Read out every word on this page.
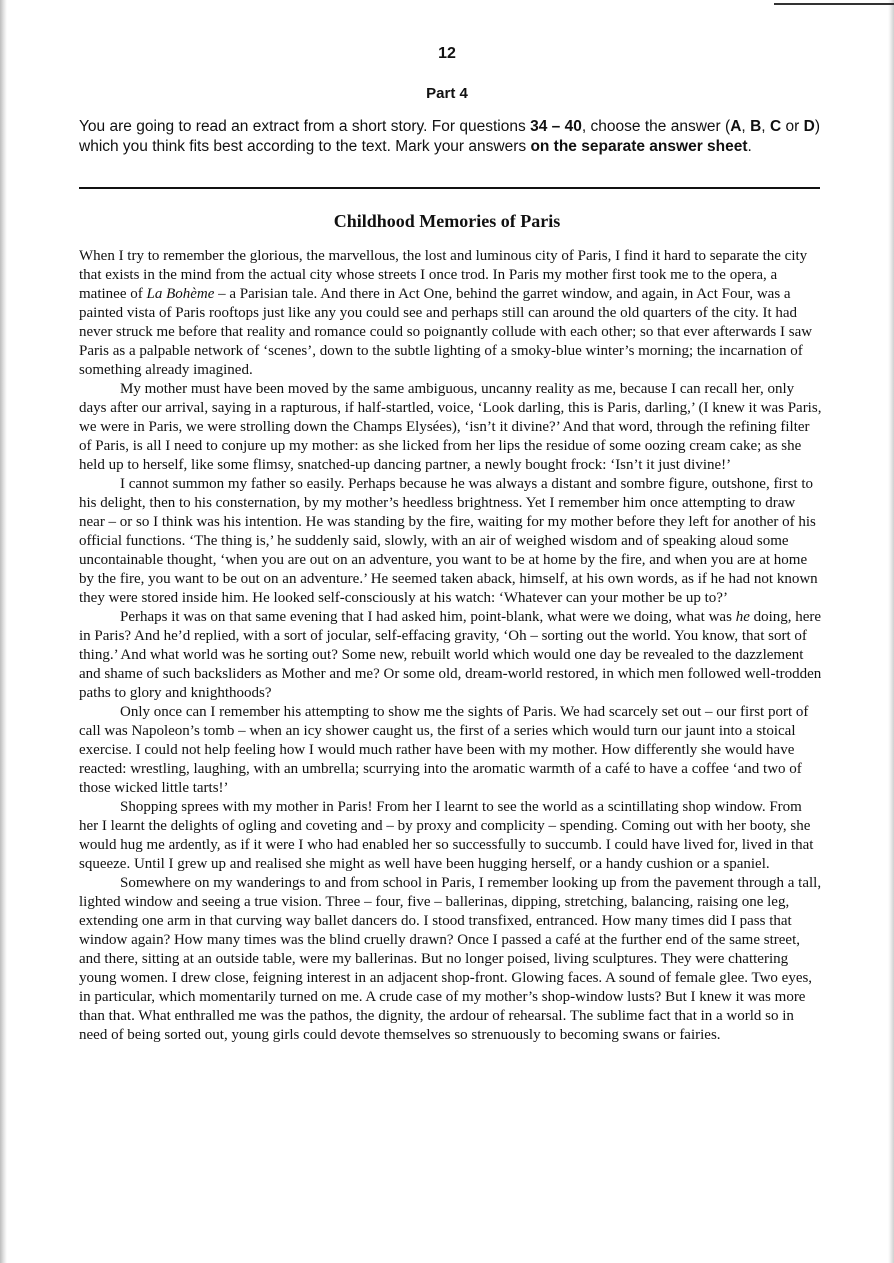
12
Part 4
You are going to read an extract from a short story. For questions 34 – 40, choose the answer (A, B, C or D) which you think fits best according to the text. Mark your answers on the separate answer sheet.
Childhood Memories of Paris

When I try to remember the glorious, the marvellous, the lost and luminous city of Paris, I find it hard to separate the city that exists in the mind from the actual city whose streets I once trod. In Paris my mother first took me to the opera, a matinee of La Bohème – a Parisian tale. And there in Act One, behind the garret window, and again, in Act Four, was a painted vista of Paris rooftops just like any you could see and perhaps still can around the old quarters of the city. It had never struck me before that reality and romance could so poignantly collude with each other; so that ever afterwards I saw Paris as a palpable network of ‘scenes’, down to the subtle lighting of a smoky-blue winter’s morning; the incarnation of something already imagined.

My mother must have been moved by the same ambiguous, uncanny reality as me, because I can recall her, only days after our arrival, saying in a rapturous, if half-startled, voice, ‘Look darling, this is Paris, darling,’ (I knew it was Paris, we were in Paris, we were strolling down the Champs Elysées), ‘isn’t it divine?’ And that word, through the refining filter of Paris, is all I need to conjure up my mother: as she licked from her lips the residue of some oozing cream cake; as she held up to herself, like some flimsy, snatched-up dancing partner, a newly bought frock: ‘Isn’t it just divine!’

I cannot summon my father so easily. Perhaps because he was always a distant and sombre figure, outshone, first to his delight, then to his consternation, by my mother’s heedless brightness. Yet I remember him once attempting to draw near – or so I think was his intention. He was standing by the fire, waiting for my mother before they left for another of his official functions. ‘The thing is,’ he suddenly said, slowly, with an air of weighed wisdom and of speaking aloud some uncontainable thought, ‘when you are out on an adventure, you want to be at home by the fire, and when you are at home by the fire, you want to be out on an adventure.’ He seemed taken aback, himself, at his own words, as if he had not known they were stored inside him. He looked self-consciously at his watch: ‘Whatever can your mother be up to?’

Perhaps it was on that same evening that I had asked him, point-blank, what were we doing, what was he doing, here in Paris? And he’d replied, with a sort of jocular, self-effacing gravity, ‘Oh – sorting out the world. You know, that sort of thing.’ And what world was he sorting out? Some new, rebuilt world which would one day be revealed to the dazzlement and shame of such backsliders as Mother and me? Or some old, dream-world restored, in which men followed well-trodden paths to glory and knighthoods?

Only once can I remember his attempting to show me the sights of Paris. We had scarcely set out – our first port of call was Napoleon’s tomb – when an icy shower caught us, the first of a series which would turn our jaunt into a stoical exercise. I could not help feeling how I would much rather have been with my mother. How differently she would have reacted: wrestling, laughing, with an umbrella; scurrying into the aromatic warmth of a café to have a coffee ‘and two of those wicked little tarts!’

Shopping sprees with my mother in Paris! From her I learnt to see the world as a scintillating shop window. From her I learnt the delights of ogling and coveting and – by proxy and complicity – spending. Coming out with her booty, she would hug me ardently, as if it were I who had enabled her so successfully to succumb. I could have lived for, lived in that squeeze. Until I grew up and realised she might as well have been hugging herself, or a handy cushion or a spaniel.

Somewhere on my wanderings to and from school in Paris, I remember looking up from the pavement through a tall, lighted window and seeing a true vision. Three – four, five – ballerinas, dipping, stretching, balancing, raising one leg, extending one arm in that curving way ballet dancers do. I stood transfixed, entranced. How many times did I pass that window again? How many times was the blind cruelly drawn? Once I passed a café at the further end of the same street, and there, sitting at an outside table, were my ballerinas. But no longer poised, living sculptures. They were chattering young women. I drew close, feigning interest in an adjacent shop-front. Glowing faces. A sound of female glee. Two eyes, in particular, which momentarily turned on me. A crude case of my mother’s shop-window lusts? But I knew it was more than that. What enthralled me was the pathos, the dignity, the ardour of rehearsal. The sublime fact that in a world so in need of being sorted out, young girls could devote themselves so strenuously to becoming swans or fairies.
